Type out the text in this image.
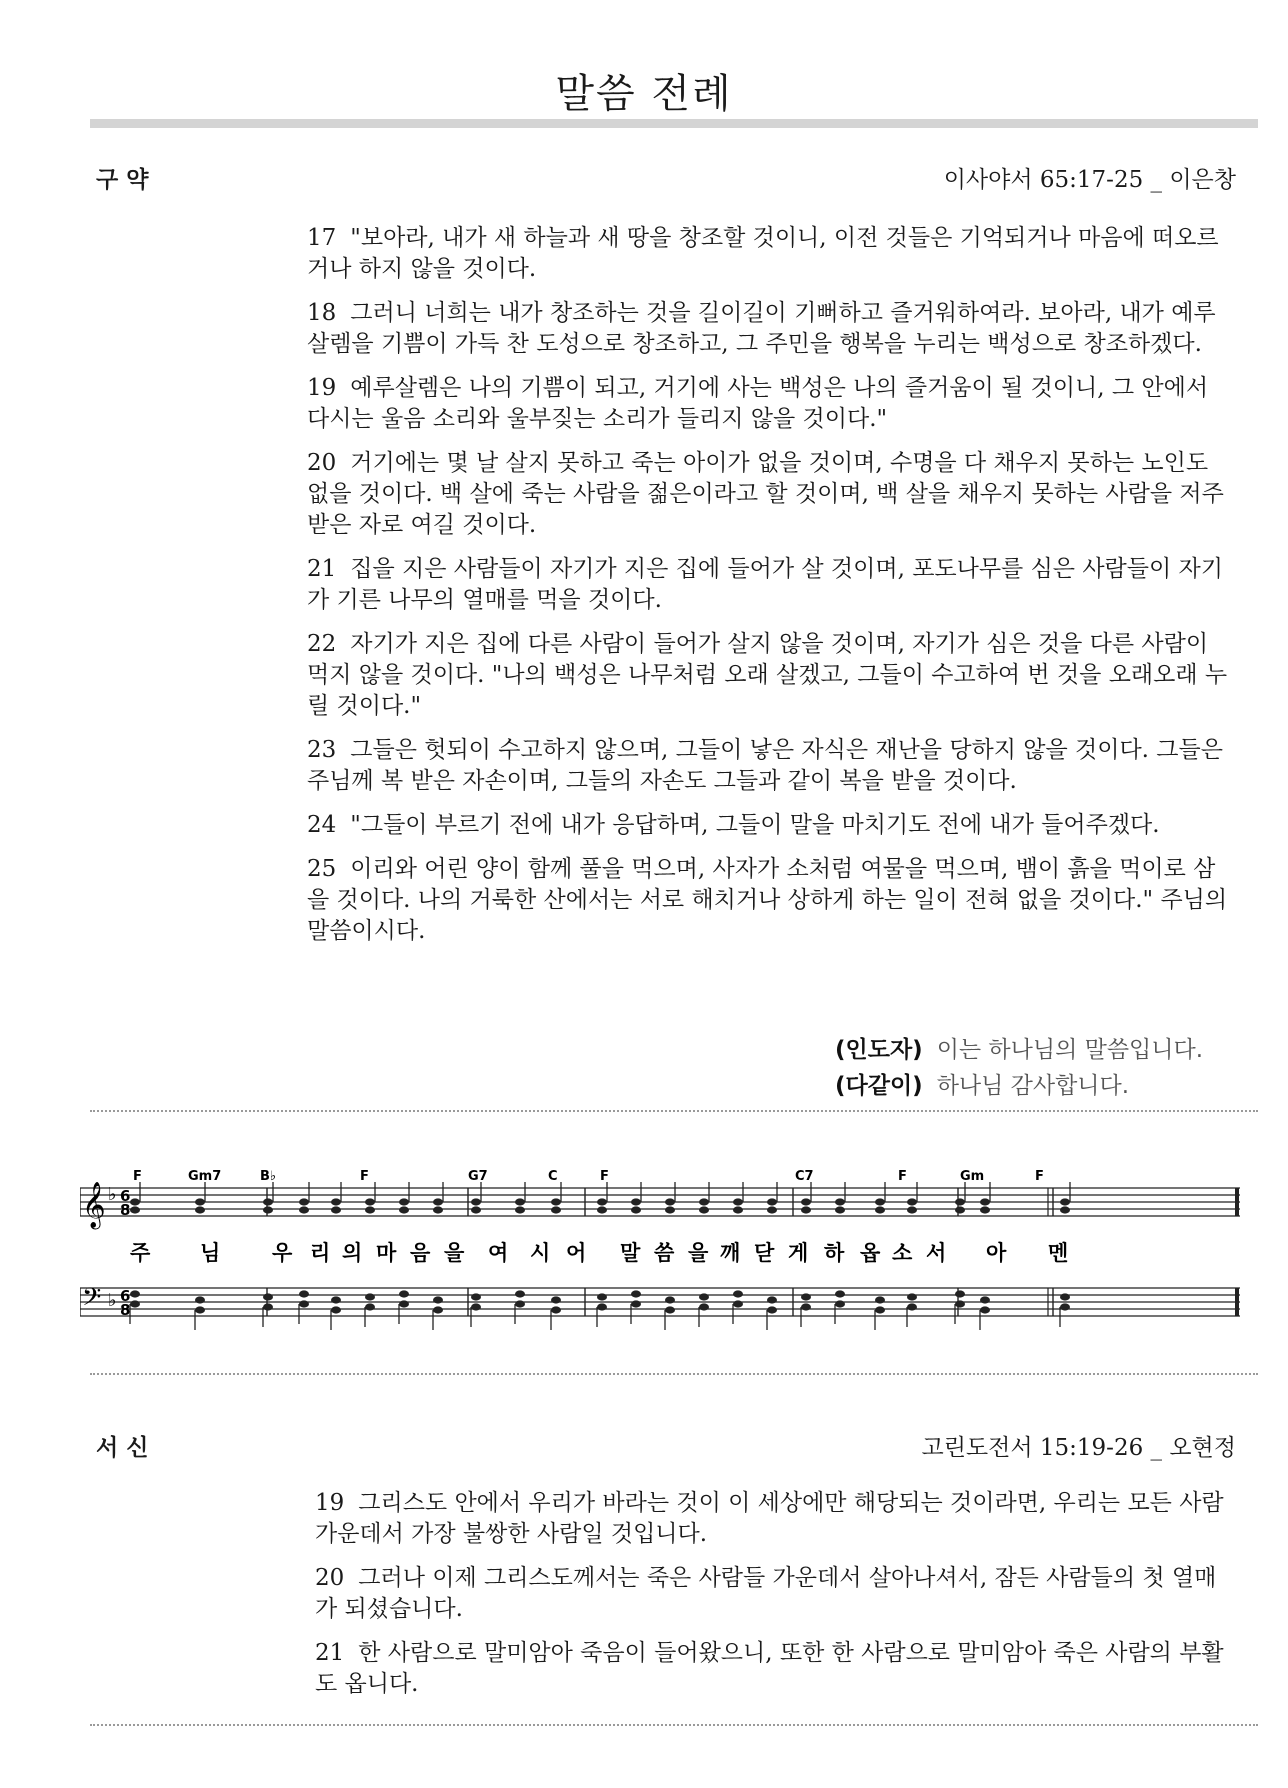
말씀 전례
구 약	이사야서 65:17-25 _ 이은창

17 "보아라, 내가 새 하늘과 새 땅을 창조할 것이니, 이전 것들은 기억되거나 마음에 떠오르거나 하지 않을 것이다.

18 그러니 너희는 내가 창조하는 것을 길이길이 기뻐하고 즐거워하여라. 보아라, 내가 예루살렘을 기쁨이 가득 찬 도성으로 창조하고, 그 주민을 행복을 누리는 백성으로 창조하겠다.

19 예루살렘은 나의 기쁨이 되고, 거기에 사는 백성은 나의 즐거움이 될 것이니, 그 안에서 다시는 울음 소리와 울부짖는 소리가 들리지 않을 것이다."

20 거기에는 몇 날 살지 못하고 죽는 아이가 없을 것이며, 수명을 다 채우지 못하는 노인도 없을 것이다. 백 살에 죽는 사람을 젊은이라고 할 것이며, 백 살을 채우지 못하는 사람을 저주받은 자로 여길 것이다.

21 집을 지은 사람들이 자기가 지은 집에 들어가 살 것이며, 포도나무를 심은 사람들이 자기가 기른 나무의 열매를 먹을 것이다.

22 자기가 지은 집에 다른 사람이 들어가 살지 않을 것이며, 자기가 심은 것을 다른 사람이 먹지 않을 것이다. "나의 백성은 나무처럼 오래 살겠고, 그들이 수고하여 번 것을 오래오래 누릴 것이다."

23 그들은 헛되이 수고하지 않으며, 그들이 낳은 자식은 재난을 당하지 않을 것이다. 그들은 주님께 복 받은 자손이며, 그들의 자손도 그들과 같이 복을 받을 것이다.

24 "그들이 부르기 전에 내가 응답하며, 그들이 말을 마치기도 전에 내가 들어주겠다.

25 이리와 어린 양이 함께 풀을 먹으며, 사자가 소처럼 여물을 먹으며, 뱀이 흙을 먹이로 삼을 것이다. 나의 거룩한 산에서는 서로 해치거나 상하게 하는 일이 전혀 없을 것이다." 주님의 말씀이시다.

(인도자) 이는 하나님의 말씀입니다.
(다같이) 하나님 감사합니다.
𝄞
𝄢
♭
♭
6
8
6
8
F	Gm7	B♭	F	G7	C	F	C7	F	Gm	F
주 님 우 리 의 마 음 을 여 시 어 말 씀 을 깨 닫 게 하 옵 소 서 아 멘
서 신	고린도전서 15:19-26 _ 오현정

19 그리스도 안에서 우리가 바라는 것이 이 세상에만 해당되는 것이라면, 우리는 모든 사람 가운데서 가장 불쌍한 사람일 것입니다.

20 그러나 이제 그리스도께서는 죽은 사람들 가운데서 살아나셔서, 잠든 사람들의 첫 열매가 되셨습니다.

21 한 사람으로 말미암아 죽음이 들어왔으니, 또한 한 사람으로 말미암아 죽은 사람의 부활도 옵니다.
